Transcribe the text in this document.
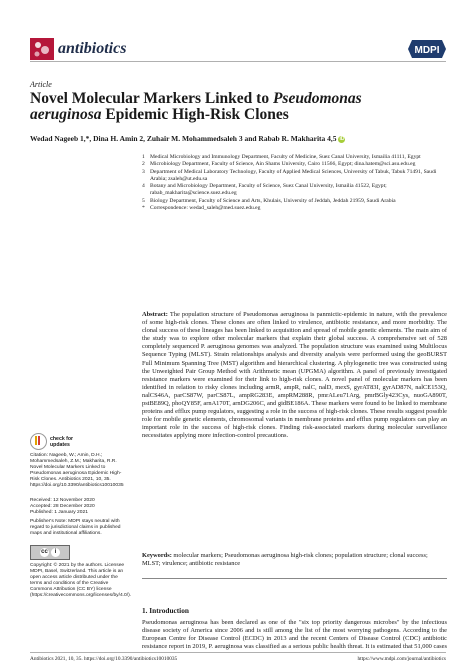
antibiotics	MDPI
Article
Novel Molecular Markers Linked to Pseudomonas aeruginosa Epidemic High-Risk Clones
Wedad Nageeb 1,*, Dina H. Amin 2, Zuhair M. Mohammedsaleh 3 and Rabab R. Makharita 4,5 iD
1 Medical Microbiology and Immunology Department, Faculty of Medicine, Suez Canal University, Ismailia 41111, Egypt
2 Microbiology Department, Faculty of Science, Ain Shams University, Cairo 11566, Egypt; dina.hatem@sci.asu.edu.eg
3 Department of Medical Laboratory Technology, Faculty of Applied Medical Sciences, University of Tabuk, Tabuk 71491, Saudi Arabia; zsaleh@ut.edu.sa
4 Botany and Microbiology Department, Faculty of Science, Suez Canal University, Ismailia 41522, Egypt; rabab_makharita@science.suez.edu.eg
5 Biology Department, Faculty of Science and Arts, Khulais, University of Jeddah, Jeddah 21959, Saudi Arabia
* Correspondence: wedad_saleh@med.suez.edu.eg
check for updates
Citation: Nageeb, W.; Amin, D.H.; Mohammedsaleh, Z.M.; Makharita, R.R. Novel Molecular Markers Linked to Pseudomonas aeruginosa Epidemic High-Risk Clones. Antibiotics 2021, 10, 35. https://doi.org/10.3390/antibiotics10010035
Received: 12 November 2020
Accepted: 28 December 2020
Published: 1 January 2021
cc	i
Copyright: © 2021 by the authors. Licensee MDPI, Basel, Switzerland. This article is an open access article distributed under the terms and conditions of the Creative Commons Attribution (CC BY) license (https://creativecommons.org/licenses/by/4.0/).
Publisher's Note: MDPI stays neutral with regard to jurisdictional claims in published maps and institutional affiliations.
Abstract: The population structure of Pseudomonas aeruginosa is panmictic-epidemic in nature, with the prevalence of some high-risk clones. These clones are often linked to virulence, antibiotic resistance, and more morbidity. The clonal success of these lineages has been linked to acquisition and spread of mobile genetic elements. The main aim of the study was to explore other molecular markers that explain their global success. A comprehensive set of 528 completely sequenced P. aeruginosa genomes was analyzed. The population structure was examined using Multilocus Sequence Typing (MLST). Strain relationships analysis and diversity analysis were performed using the geoBURST Full Minimum Spanning Tree (MST) algorithm and hierarchical clustering. A phylogenetic tree was constructed using the Unweighted Pair Group Method with Arithmetic mean (UPGMA) algorithm. A panel of previously investigated resistance markers were examined for their link to high-risk clones. A novel panel of molecular markers has been identified in relation to risky clones including armR, ampR, nalC, nalD, mexS, gyrAT83I, gyrAD87N, nalCE153Q, nalCS46A, parCS87W, parCS87L, ampRG283E, ampRM288R, pmrALeu71Arg, pmrBGly423Cys, nuoGA890T, pstBE89Q, phoQY85F, arnA170T, arnDG206C, and gidBE186A. These markers were found to be linked to membrane proteins and efflux pump regulators, suggesting a role in the success of high-risk clones. These results suggest possible role for mobile genetic elements, chromosomal variants in membrane proteins and efflux pump regulators can play an important role in the success of high-risk clones. Finding risk-associated markers during molecular surveillance necessitates applying more infection-control precautions.
Keywords: molecular markers; Pseudomonas aeruginosa high-risk clones; population structure; clonal success; MLST; virulence; antibiotic resistance
1. Introduction
Pseudomonas aeruginosa has been declared as one of the "six top priority dangerous microbes" by the infectious disease society of America since 2006 and is still among the list of the most worrying pathogens. According to the European Centre for Disease Control (ECDC) in 2013 and the recent Centers of Disease Control (CDC) antibiotic resistance report in 2019, P. aeruginosa was classified as a serious public health threat. It is estimated that 51,000 cases
Antibiotics 2021, 10, 35. https://doi.org/10.3390/antibiotics10010035	https://www.mdpi.com/journal/antibiotics
